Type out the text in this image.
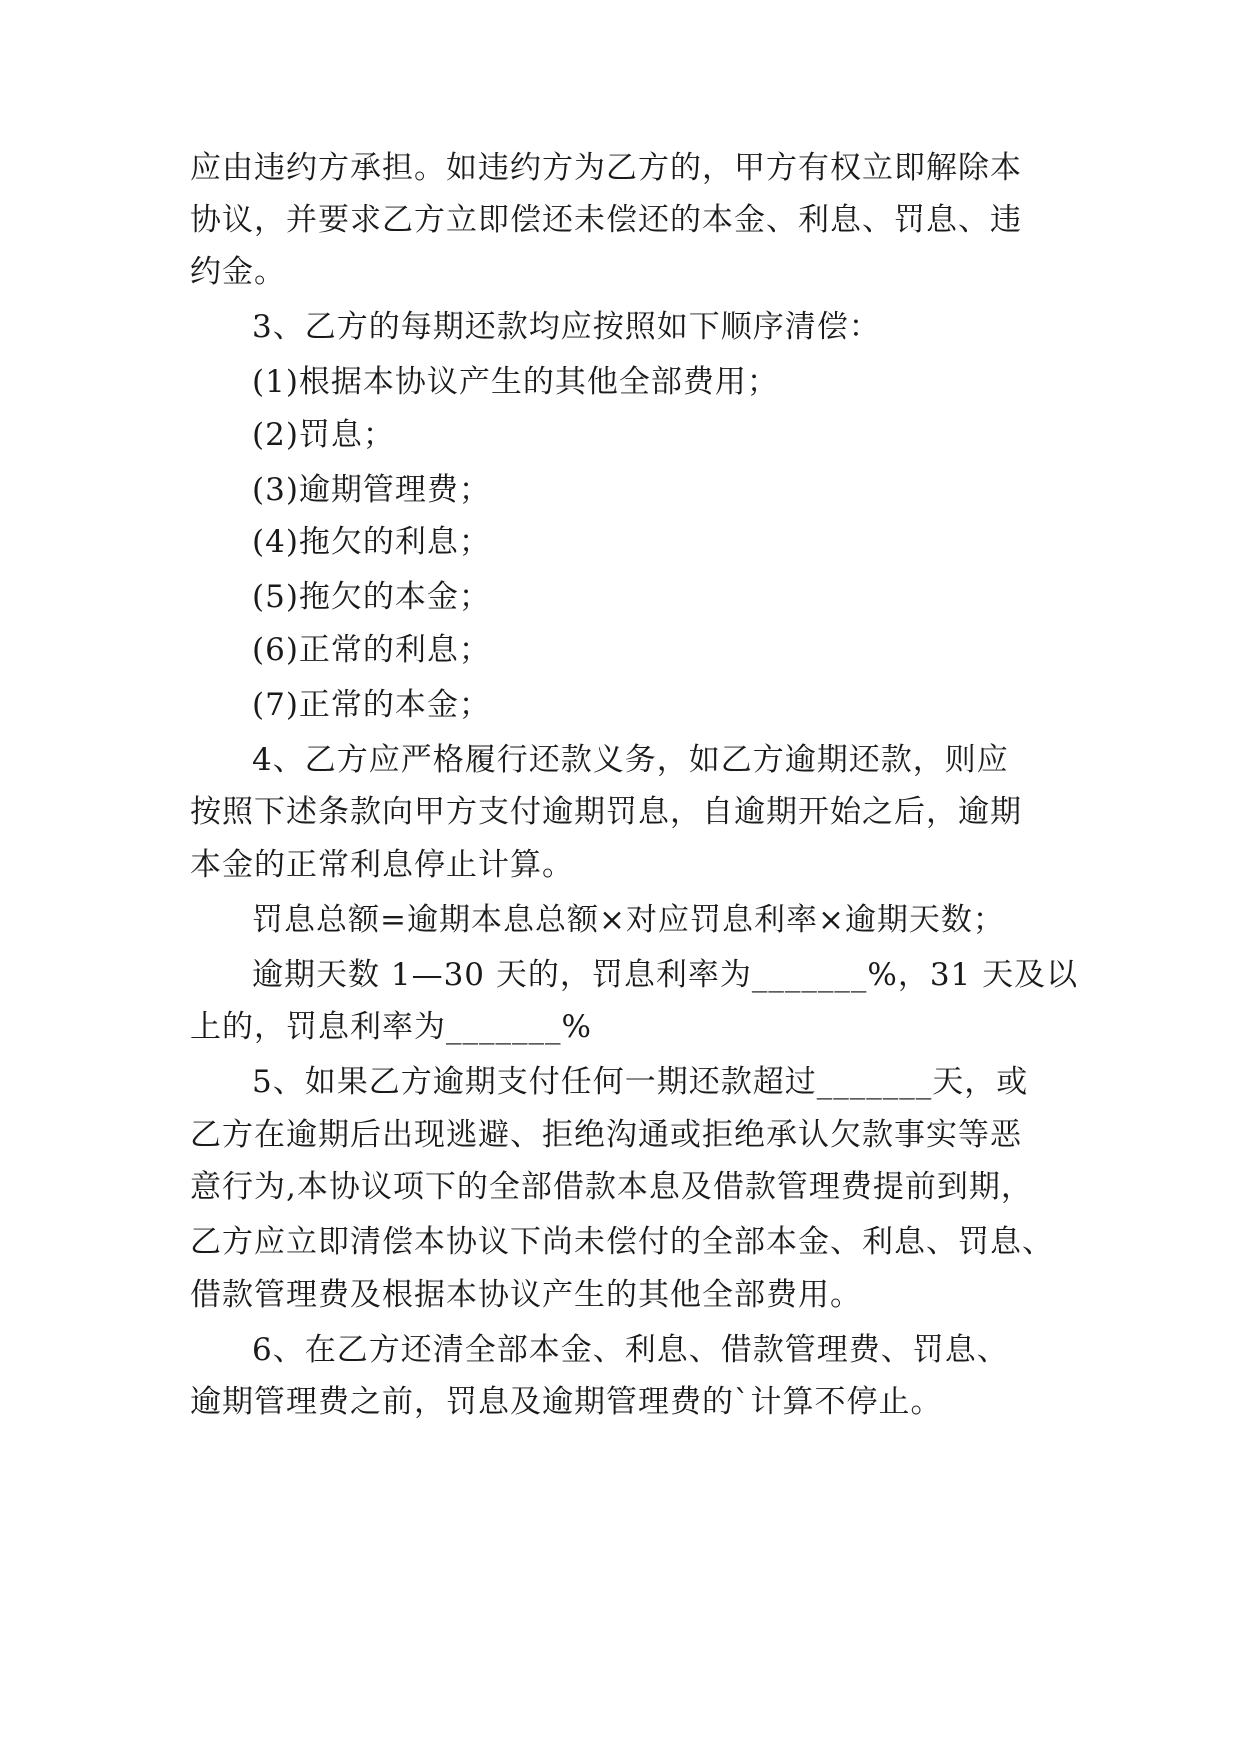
应由违约方承担。如违约方为乙方的，甲方有权立即解除本
协议，并要求乙方立即偿还未偿还的本金、利息、罚息、违
约金。
3、乙方的每期还款均应按照如下顺序清偿：
(1)根据本协议产生的其他全部费用；
(2)罚息；
(3)逾期管理费；
(4)拖欠的利息；
(5)拖欠的本金；
(6)正常的利息；
(7)正常的本金；
4、乙方应严格履行还款义务，如乙方逾期还款，则应
按照下述条款向甲方支付逾期罚息，自逾期开始之后，逾期
本金的正常利息停止计算。
罚息总额=逾期本息总额×对应罚息利率×逾期天数；
逾期天数 1—30 天的，罚息利率为_______%，31 天及以
上的，罚息利率为_______%
5、如果乙方逾期支付任何一期还款超过_______天，或
乙方在逾期后出现逃避、拒绝沟通或拒绝承认欠款事实等恶
意行为,本协议项下的全部借款本息及借款管理费提前到期，
乙方应立即清偿本协议下尚未偿付的全部本金、利息、罚息、
借款管理费及根据本协议产生的其他全部费用。
6、在乙方还清全部本金、利息、借款管理费、罚息、
逾期管理费之前，罚息及逾期管理费的`计算不停止。
